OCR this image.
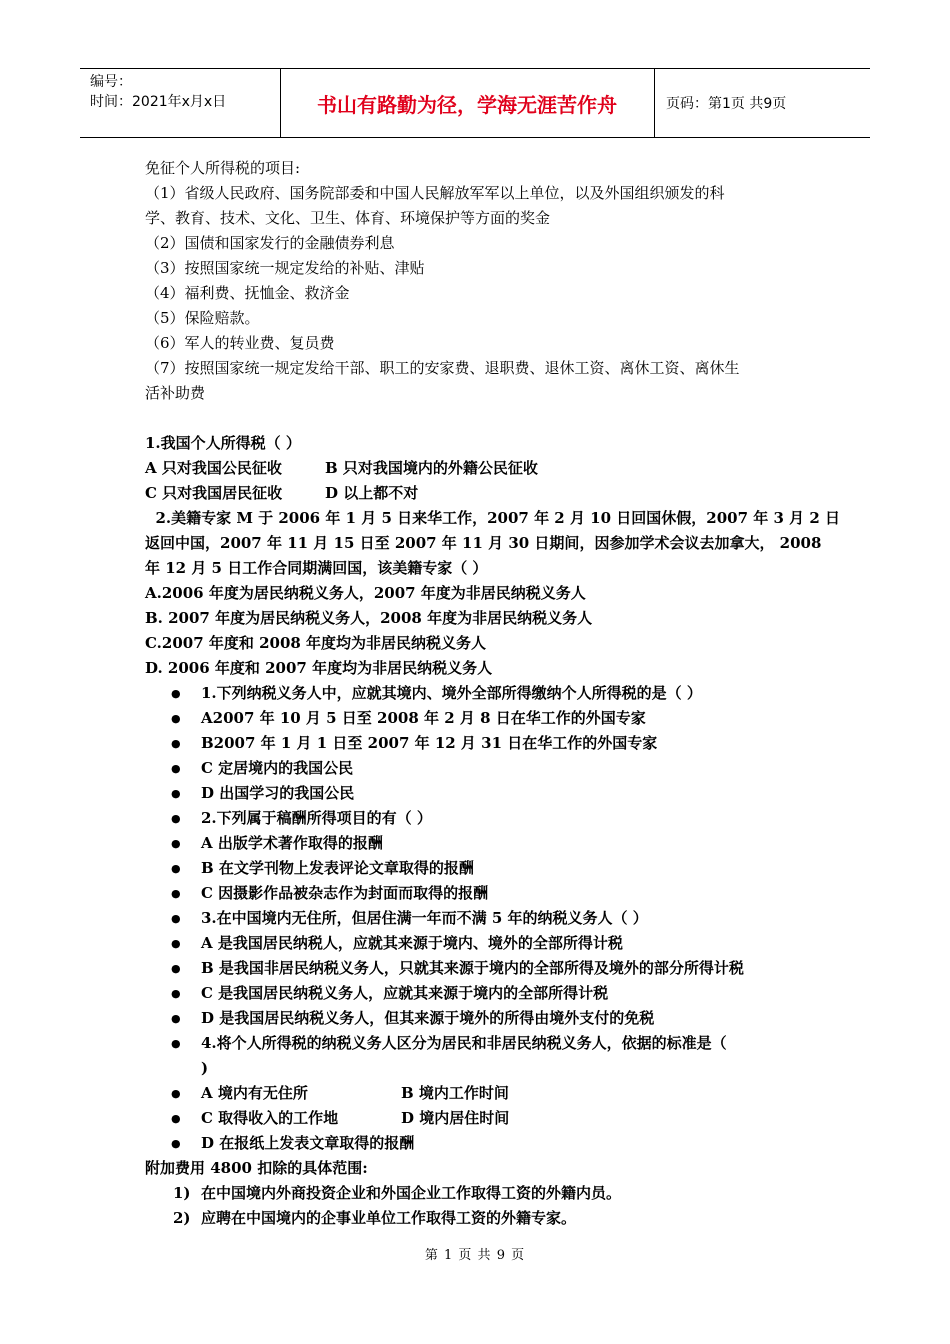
编号：
时间：2021年x月x日	书山有路勤为径，学海无涯苦作舟	页码：第1页 共9页
免征个人所得税的项目:
（1）省级人民政府、国务院部委和中国人民解放军军以上单位，以及外国组织颁发的科
学、教育、技术、文化、卫生、体育、环境保护等方面的奖金
（2）国债和国家发行的金融债券利息
（3）按照国家统一规定发给的补贴、津贴
（4）福利费、抚恤金、救济金
（5）保险赔款。
（6）军人的转业费、复员费
（7）按照国家统一规定发给干部、职工的安家费、退职费、退休工资、离休工资、离休生
活补助费
1.我国个人所得税（ ）
A 只对我国公民征收	B 只对我国境内的外籍公民征收
C 只对我国居民征收	D 以上都不对
2.美籍专家 M 于 2006 年 1 月 5 日来华工作，2007 年 2 月 10 日回国休假，2007 年 3 月 2 日
返回中国，2007 年 11 月 15 日至 2007 年 11 月 30 日期间，因参加学术会议去加拿大， 2008
年 12 月 5 日工作合同期满回国，该美籍专家（ ）
A.2006 年度为居民纳税义务人，2007 年度为非居民纳税义务人
B. 2007 年度为居民纳税义务人，2008 年度为非居民纳税义务人
C.2007 年度和 2008 年度均为非居民纳税义务人
D. 2006 年度和 2007 年度均为非居民纳税义务人
● 1.下列纳税义务人中，应就其境内、境外全部所得缴纳个人所得税的是（ ）
● A2007 年 10 月 5 日至 2008 年 2 月 8 日在华工作的外国专家
● B2007 年 1 月 1 日至 2007 年 12 月 31 日在华工作的外国专家
● C 定居境内的我国公民
● D 出国学习的我国公民
● 2.下列属于稿酬所得项目的有（ ）
● A 出版学术著作取得的报酬
● B 在文学刊物上发表评论文章取得的报酬
● C 因摄影作品被杂志作为封面而取得的报酬
● 3.在中国境内无住所，但居住满一年而不满 5 年的纳税义务人（ ）
● A 是我国居民纳税人，应就其来源于境内、境外的全部所得计税
● B 是我国非居民纳税义务人，只就其来源于境内的全部所得及境外的部分所得计税
● C 是我国居民纳税义务人，应就其来源于境内的全部所得计税
● D 是我国居民纳税义务人，但其来源于境外的所得由境外支付的免税
● 4.将个人所得税的纳税义务人区分为居民和非居民纳税义务人，依据的标准是（
)
● A 境内有无住所	B 境内工作时间
● C 取得收入的工作地	D 境内居住时间
● D 在报纸上发表文章取得的报酬
附加费用 4800 扣除的具体范围:
1) 在中国境内外商投资企业和外国企业工作取得工资的外籍内员。
2) 应聘在中国境内的企事业单位工作取得工资的外籍专家。
第 1 页 共 9 页
